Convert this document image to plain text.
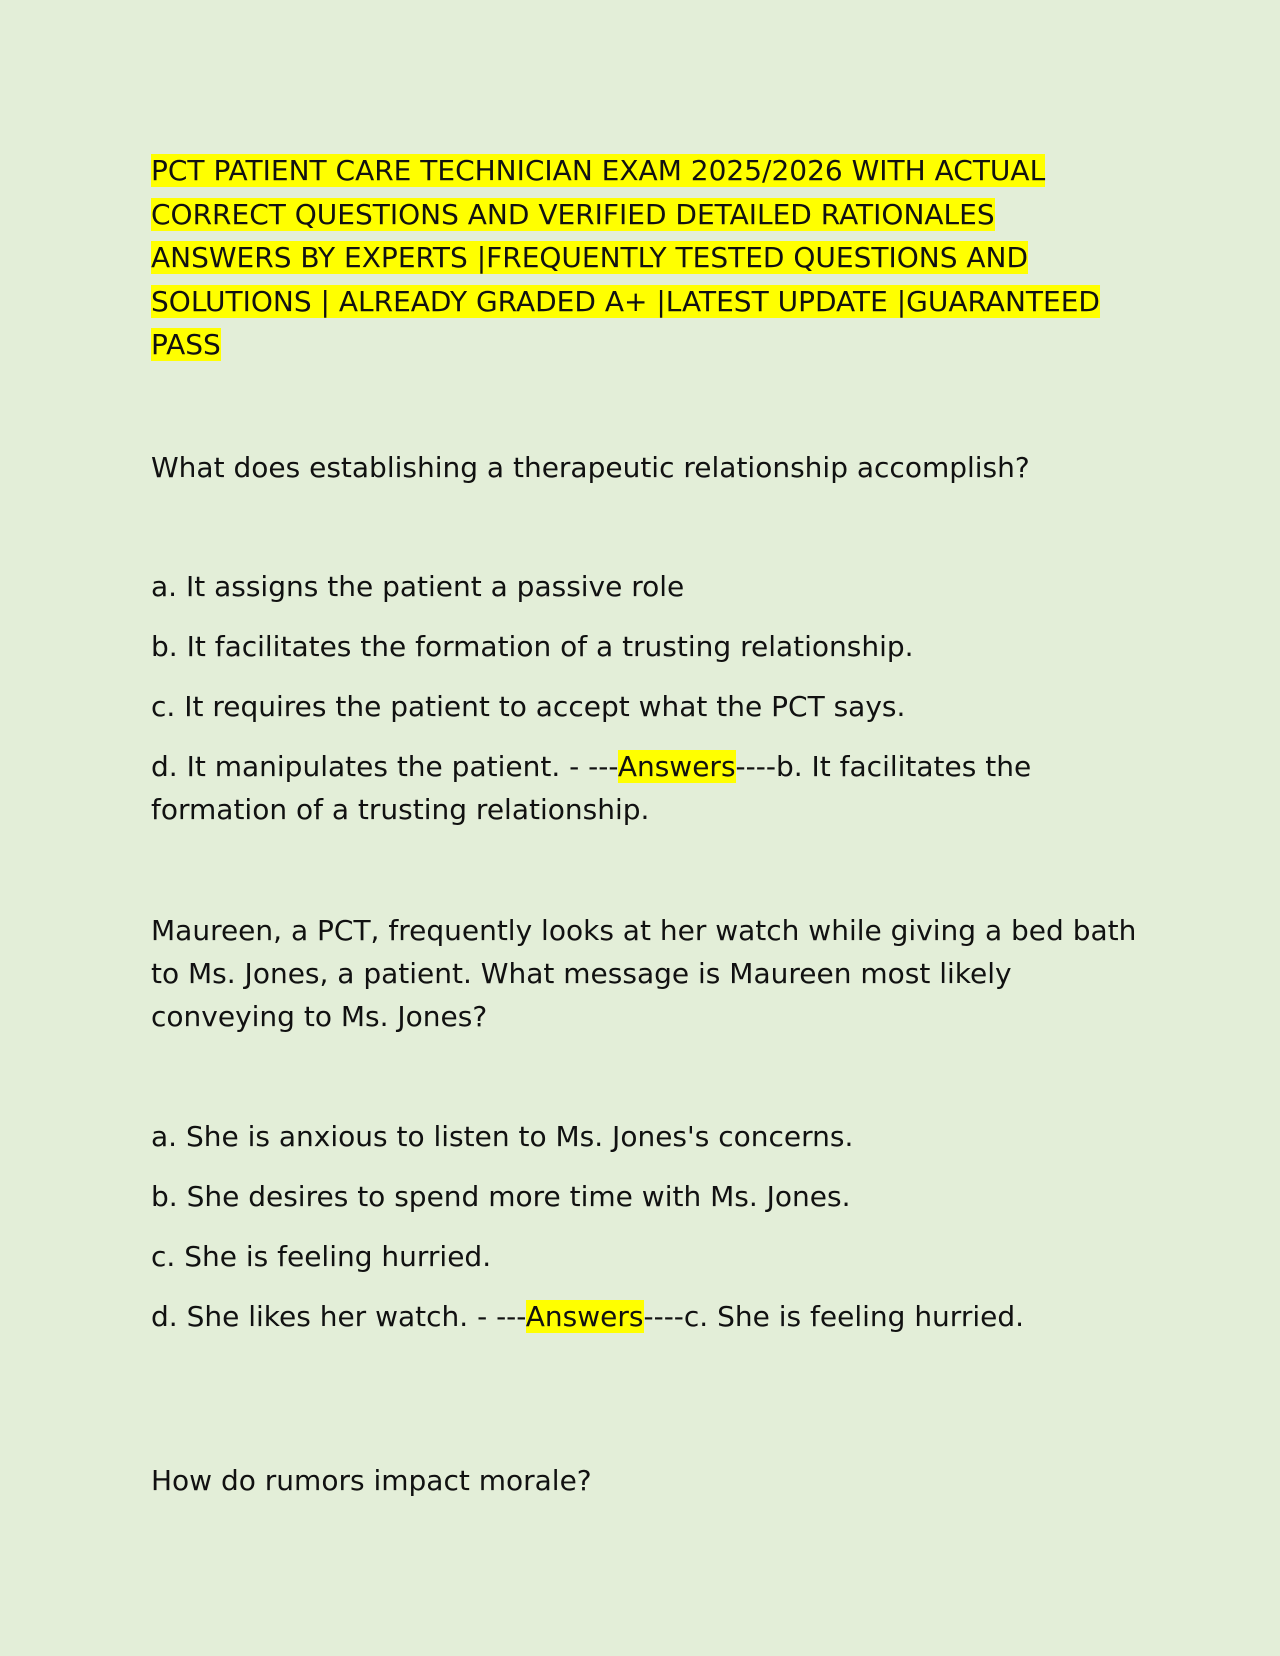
PCT PATIENT CARE TECHNICIAN EXAM 2025/2026 WITH ACTUAL CORRECT QUESTIONS AND VERIFIED DETAILED RATIONALES ANSWERS BY EXPERTS |FREQUENTLY TESTED QUESTIONS AND SOLUTIONS | ALREADY GRADED A+ |LATEST UPDATE |GUARANTEED PASS

What does establishing a therapeutic relationship accomplish?

a. It assigns the patient a passive role

b. It facilitates the formation of a trusting relationship.

c. It requires the patient to accept what the PCT says.

d. It manipulates the patient. - ---Answers----b. It facilitates the formation of a trusting relationship.

Maureen, a PCT, frequently looks at her watch while giving a bed bath to Ms. Jones, a patient. What message is Maureen most likely conveying to Ms. Jones?

a. She is anxious to listen to Ms. Jones's concerns.

b. She desires to spend more time with Ms. Jones.

c. She is feeling hurried.

d. She likes her watch. - ---Answers----c. She is feeling hurried.

How do rumors impact morale?
